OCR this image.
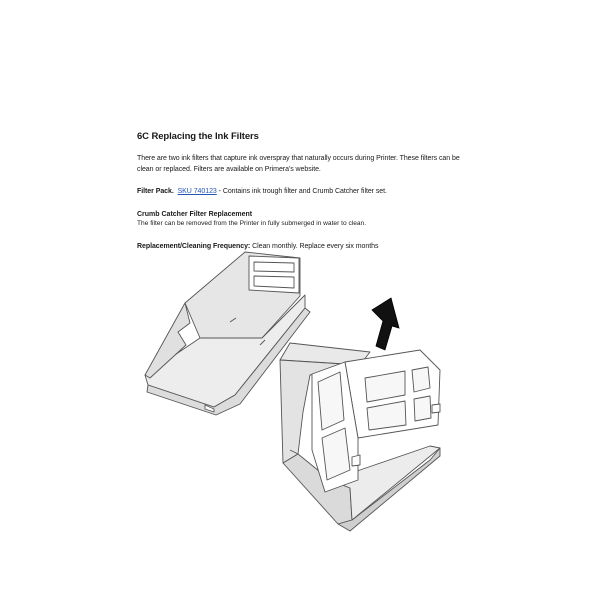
6C Replacing the Ink Filters

There are two ink filters that capture ink overspray that naturally occurs during Printer. These filters can be clean or replaced. Filters are available on Primera's website.

Filter Pack. SKU 740123 - Contains ink trough filter and Crumb Catcher filter set.

Crumb Catcher Filter Replacement

The filter can be removed from the Printer in fully submerged in water to clean.

Replacement/Cleaning Frequency: Clean monthly. Replace every six months
